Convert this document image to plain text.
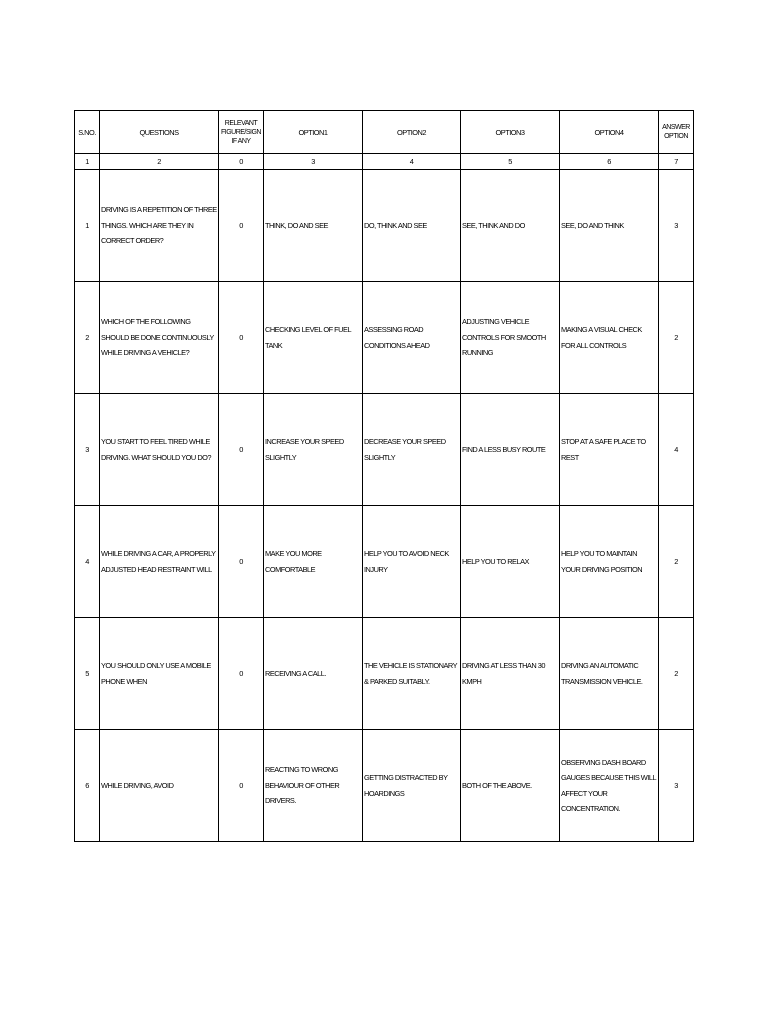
S.NO.	QUESTIONS	RELEVANT FIGURE/SIGN IF ANY	OPTION1	OPTION2	OPTION3	OPTION4	ANSWER OPTION
1	2	0	3	4	5	6	7
1	DRIVING IS A REPETITION OF THREE THINGS. WHICH ARE THEY IN CORRECT ORDER?	0	THINK, DO AND SEE	DO, THINK AND SEE	SEE, THINK AND DO	SEE, DO AND THINK	3
2	WHICH OF THE FOLLOWING SHOULD BE DONE CONTINUOUSLY WHILE DRIVING A VEHICLE?	0	CHECKING LEVEL OF FUEL TANK	ASSESSING ROAD CONDITIONS AHEAD	ADJUSTING VEHICLE CONTROLS FOR SMOOTH RUNNING	MAKING A VISUAL CHECK FOR ALL CONTROLS	2
3	YOU START TO FEEL TIRED WHILE DRIVING. WHAT SHOULD YOU DO?	0	INCREASE YOUR SPEED SLIGHTLY	DECREASE YOUR SPEED SLIGHTLY	FIND A LESS BUSY ROUTE	STOP AT A SAFE PLACE TO REST	4
4	WHILE DRIVING A CAR, A PROPERLY ADJUSTED HEAD RESTRAINT WILL	0	MAKE YOU MORE COMFORTABLE	HELP YOU TO AVOID NECK INJURY	HELP YOU TO RELAX	HELP YOU TO MAINTAIN YOUR DRIVING POSITION	2
5	YOU SHOULD ONLY USE A MOBILE PHONE WHEN	0	RECEIVING A CALL.	THE VEHICLE IS STATIONARY & PARKED SUITABLY.	DRIVING AT LESS THAN 30 KMPH	DRIVING AN AUTOMATIC TRANSMISSION VEHICLE.	2
6	WHILE DRIVING, AVOID	0	REACTING TO WRONG BEHAVIOUR OF OTHER DRIVERS.	GETTING DISTRACTED BY HOARDINGS	BOTH OF THE ABOVE.	OBSERVING DASH BOARD GAUGES BECAUSE THIS WILL AFFECT YOUR CONCENTRATION.	3
